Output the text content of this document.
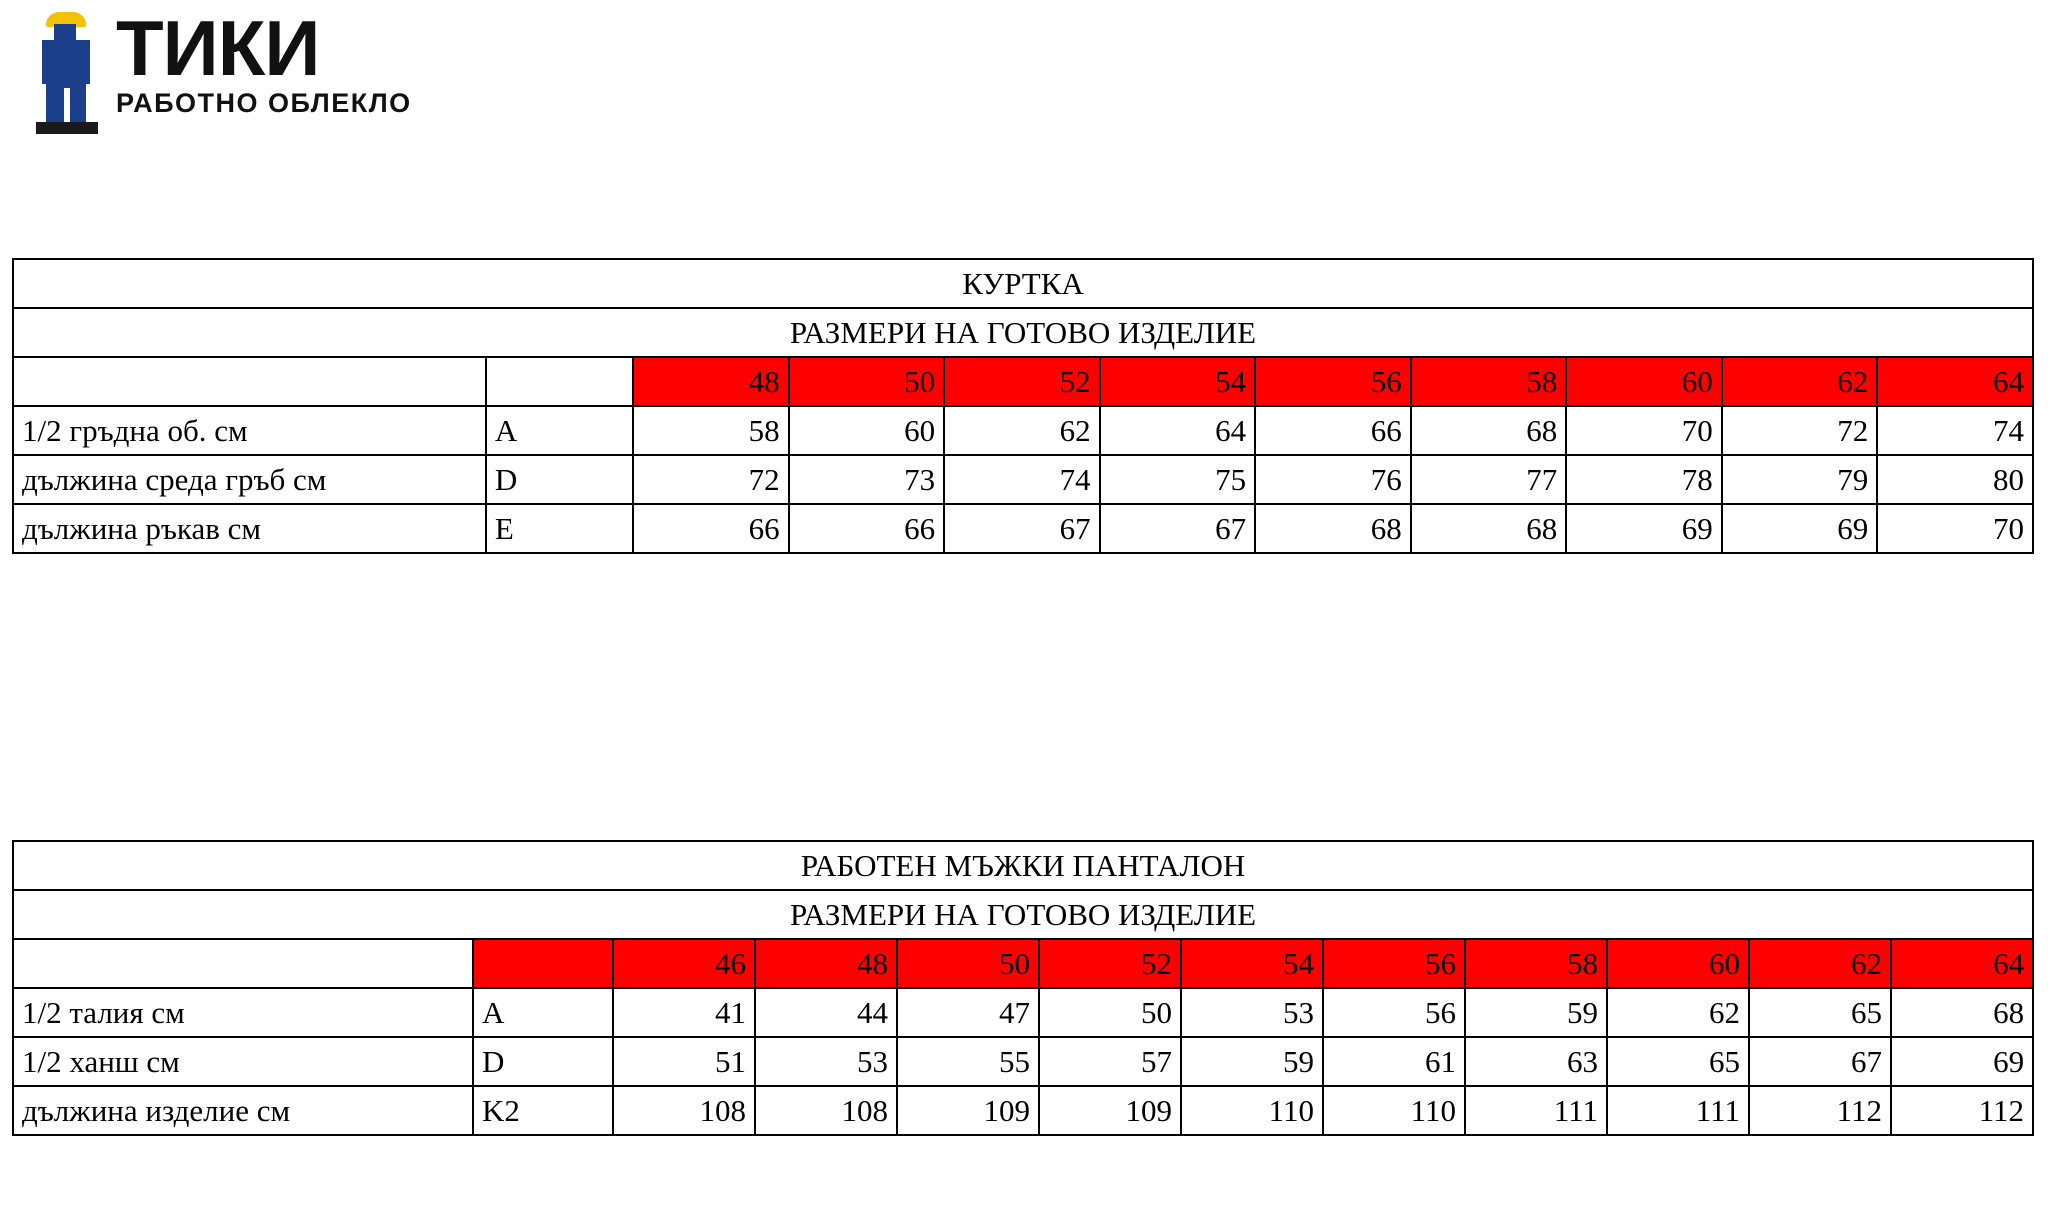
ТИКИ
РАБОТНО ОБЛЕКЛО
КУРТКА										

РАЗМЕРИ НА ГОТОВО ИЗДЕЛИЕ										

		48	50	52	54	56	58	60	62	64
1/2 гръдна об. см	A	58	60	62	64	66	68	70	72	74
дължина среда гръб см	D	72	73	74	75	76	77	78	79	80
дължина ръкав см	E	66	66	67	67	68	68	69	69	70
РАБОТЕН МЪЖКИ ПАНТАЛОН											

РАЗМЕРИ НА ГОТОВО ИЗДЕЛИЕ											

		46	48	50	52	54	56	58	60	62	64
1/2 талия см	A	41	44	47	50	53	56	59	62	65	68
1/2 ханш см	D	51	53	55	57	59	61	63	65	67	69
дължина изделие см	K2	108	108	109	109	110	110	111	111	112	112
